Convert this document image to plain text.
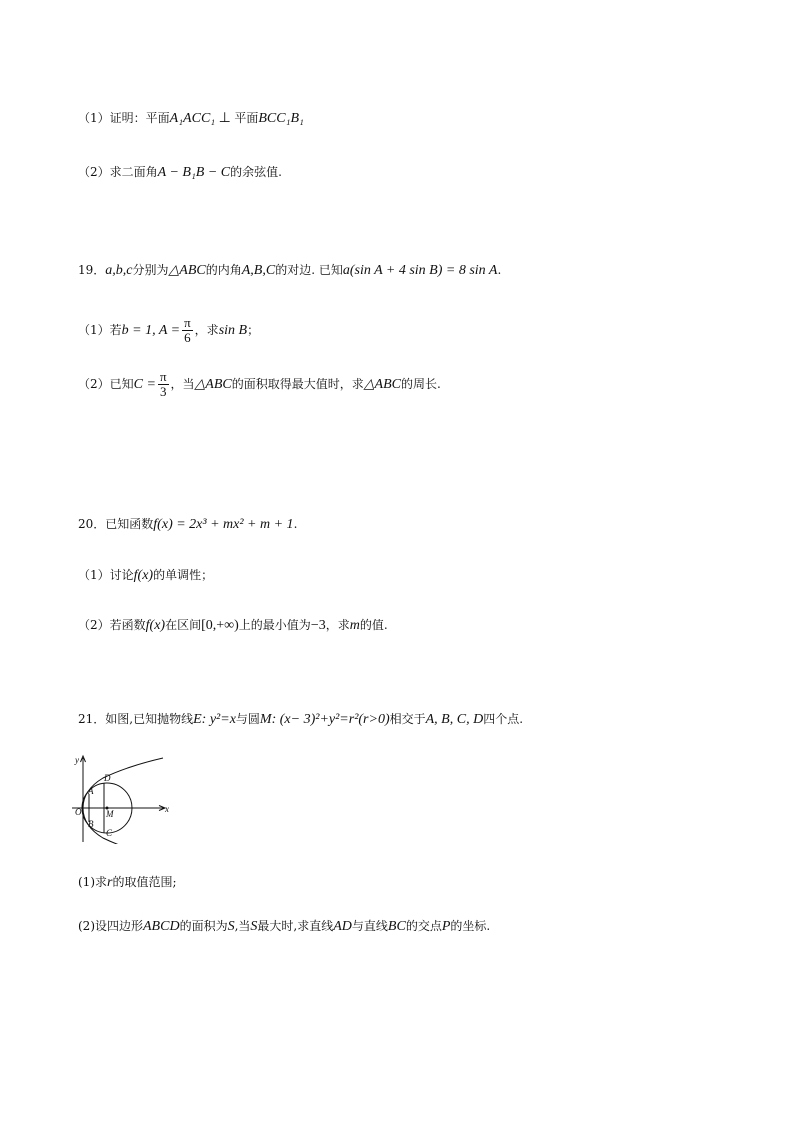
（1）证明：平面A₁ACC₁ ⊥ 平面BCC₁B₁
（2）求二面角A − B₁B − C的余弦值.
19．a,b,c分别为△ABC的内角A,B,C的对边. 已知a(sin A + 4 sin B) = 8 sin A.
（1）若b = 1, $A = \frac{\pi}{6}$ ，求sin B；
（2）已知$C = \frac{\pi}{3}$ ，当△ABC的面积取得最大值时，求△ABC的周长.
20．已知函数f(x) = 2x³ + mx² + m + 1.
（1）讨论f(x)的单调性；
（2）若函数f(x)在区间[0,+∞)上的最小值为−3，求m的值.
21．如图,已知抛物线E: y²=x与圆M: (x− 3)²+y²=r²(r>0)相交于A, B, C, D四个点.
y
x
O
A
B
C
D
M
(1)求r的取值范围;
(2)设四边形ABCD的面积为S,当S最大时,求直线AD与直线BC的交点P的坐标.
